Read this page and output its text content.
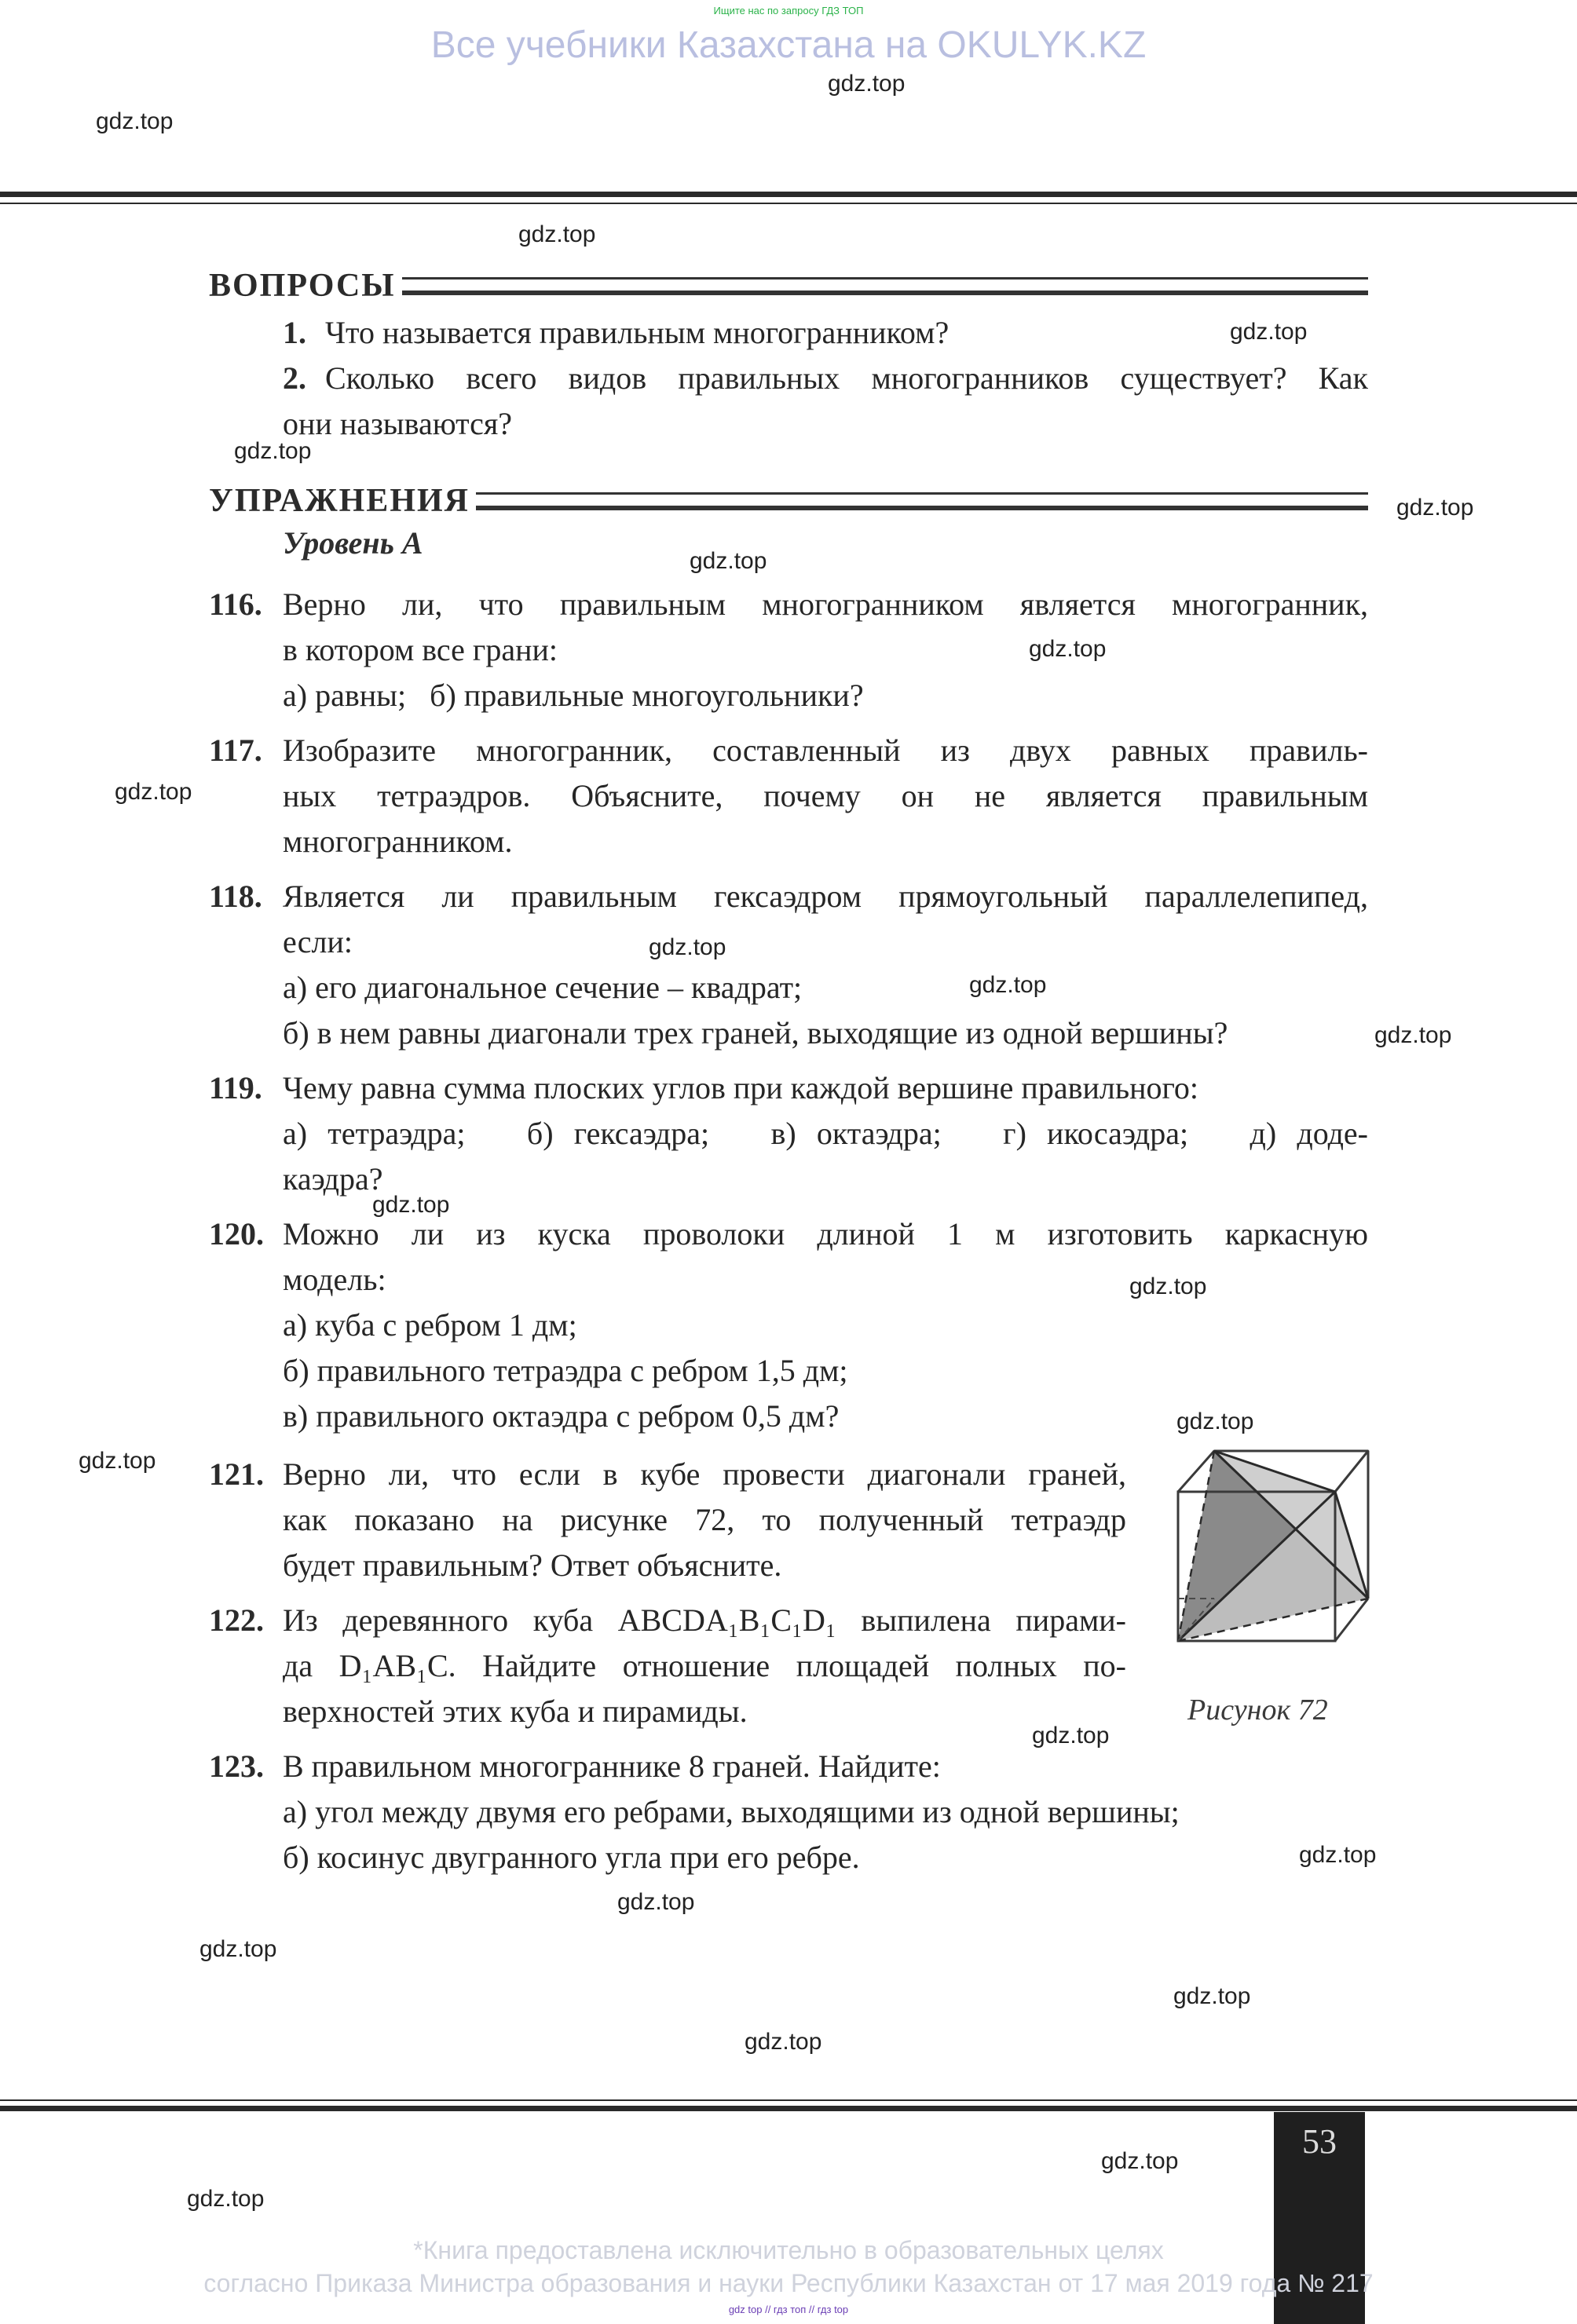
Ищите нас по запросу ГДЗ ТОП
Все учебники Казахстана на OKULYK.KZ
ВОПРОСЫ
1. Что называется правильным многогранником?
2. Сколько всего видов правильных многогранников существует? Как
они называются?
УПРАЖНЕНИЯ
Уровень А
116. Верно ли, что правильным многогранником является многогранник,
в котором все грани:
а) равны;   б) правильные многоугольники?
117. Изобразите многогранник, составленный из двух равных правиль-
ных тетраэдров. Объясните, почему он не является правильным
многогранником.
118. Является ли правильным гексаэдром прямоугольный параллелепипед,
если:
а) его диагональное сечение – квадрат;
б) в нем равны диагонали трех граней, выходящие из одной вершины?
119. Чему равна сумма плоских углов при каждой вершине правильного:
а) тетраэдра;   б) гексаэдра;   в) октаэдра;   г) икосаэдра;   д) доде-
каэдра?
120. Можно ли из куска проволоки длиной 1 м изготовить каркасную
модель:
а) куба с ребром 1 дм;
б) правильного тетраэдра с ребром 1,5 дм;
в) правильного октаэдра с ребром 0,5 дм?
121. Верно ли, что если в кубе провести диагонали граней,
как показано на рисунке 72, то полученный тетраэдр
будет правильным? Ответ объясните.
122. Из деревянного куба ABCDA₁B₁C₁D₁ выпилена пирами-
да D₁AB₁C. Найдите отношение площадей полных по-
верхностей этих куба и пирамиды.
123. В правильном многограннике 8 граней. Найдите:
а) угол между двумя его ребрами, выходящими из одной вершины;
б) косинус двугранного угла при его ребре.
Рисунок 72
53
gdz.top
gdz.top
gdz.top
gdz.top
gdz.top
gdz.top
gdz.top
gdz.top
gdz.top
gdz.top
gdz.top
gdz.top
gdz.top
gdz.top
gdz.top
gdz.top
gdz.top
gdz.top
gdz.top
gdz.top
gdz.top
gdz.top
gdz.top
gdz.top
*Книга предоставлена исключительно в образовательных целях
согласно Приказа Министра образования и науки Республики Казахстан от 17 мая 2019 года № 217
gdz top // гдз топ // гдз top
